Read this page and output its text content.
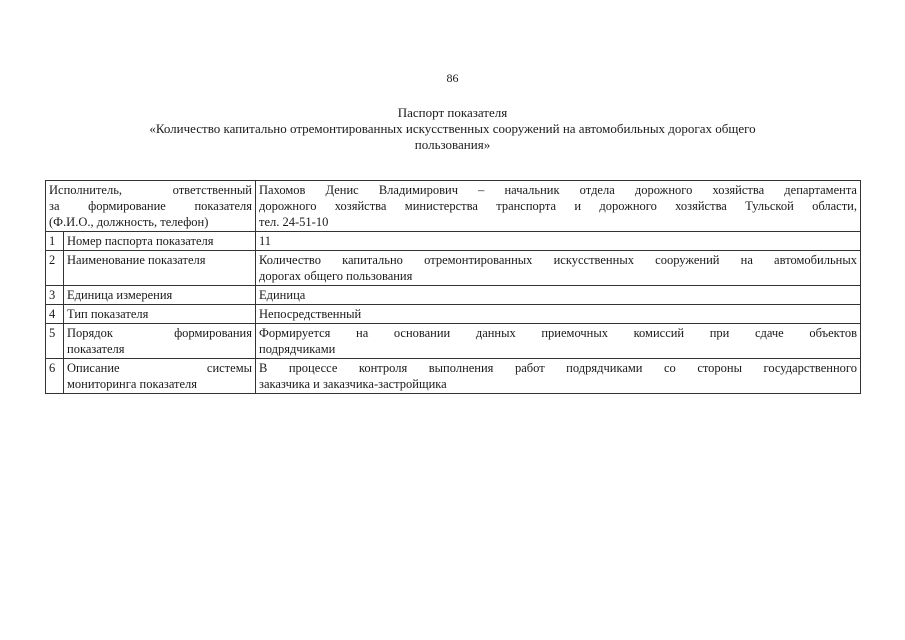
86
Паспорт показателя
«Количество капитально отремонтированных искусственных сооружений на автомобильных дорогах общего
пользования»
Исполнитель, ответственный
за формирование показателя
(Ф.И.О., должность, телефон)		Пахомов Денис Владимирович – начальник отдела дорожного хозяйства департамента
дорожного хозяйства министерства транспорта и дорожного хозяйства Тульской области,
тел. 24-51-10

1	Номер паспорта показателя	11

2	Наименование показателя	Количество капитально отремонтированных искусственных сооружений на автомобильных
дорогах общего пользования

3	Единица измерения	Единица

4	Тип показателя	Непосредственный

5	Порядок формирования
показателя	Формируется на основании данных приемочных комиссий при сдаче объектов
подрядчиками

6	Описание системы
мониторинга показателя	В процессе контроля выполнения работ подрядчиками со стороны государственного
заказчика и заказчика-застройщика
